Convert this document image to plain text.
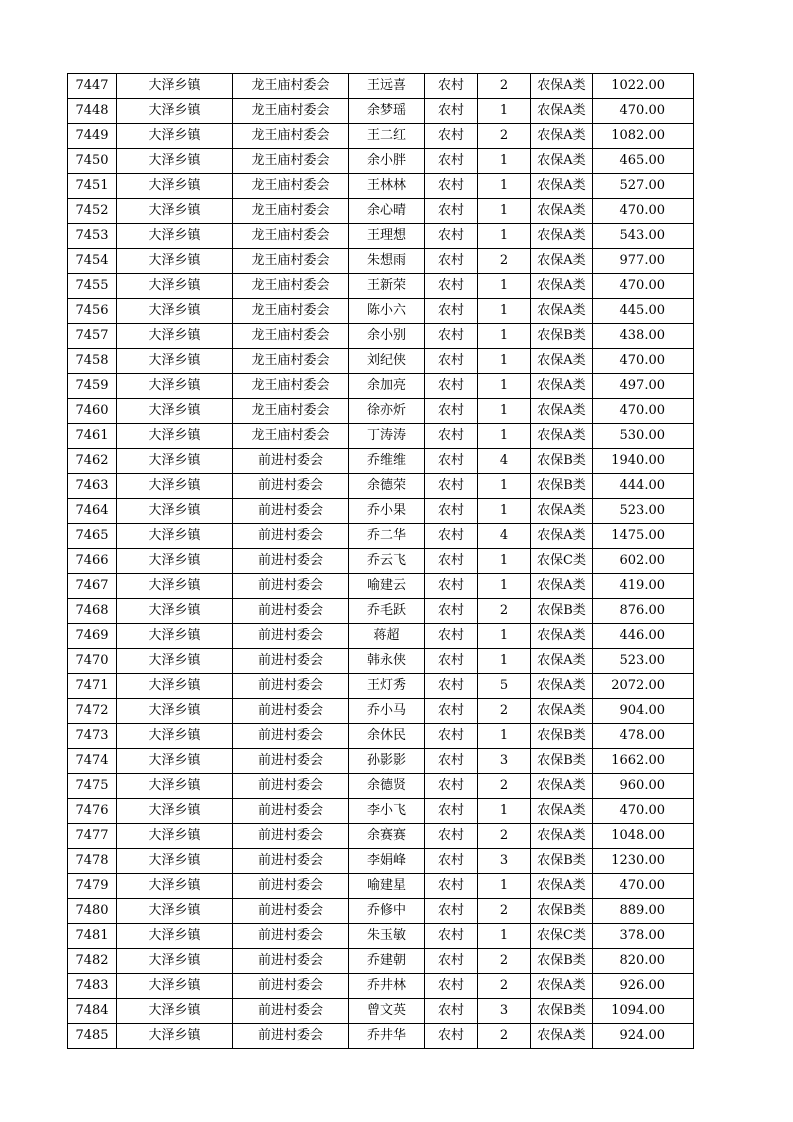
7447	大泽乡镇	龙王庙村委会	王远喜	农村	2	农保A类	1022.00
7448	大泽乡镇	龙王庙村委会	余梦瑶	农村	1	农保A类	470.00
7449	大泽乡镇	龙王庙村委会	王二红	农村	2	农保A类	1082.00
7450	大泽乡镇	龙王庙村委会	余小胖	农村	1	农保A类	465.00
7451	大泽乡镇	龙王庙村委会	王林林	农村	1	农保A类	527.00
7452	大泽乡镇	龙王庙村委会	余心晴	农村	1	农保A类	470.00
7453	大泽乡镇	龙王庙村委会	王理想	农村	1	农保A类	543.00
7454	大泽乡镇	龙王庙村委会	朱想雨	农村	2	农保A类	977.00
7455	大泽乡镇	龙王庙村委会	王新荣	农村	1	农保A类	470.00
7456	大泽乡镇	龙王庙村委会	陈小六	农村	1	农保A类	445.00
7457	大泽乡镇	龙王庙村委会	余小别	农村	1	农保B类	438.00
7458	大泽乡镇	龙王庙村委会	刘纪侠	农村	1	农保A类	470.00
7459	大泽乡镇	龙王庙村委会	余加亮	农村	1	农保A类	497.00
7460	大泽乡镇	龙王庙村委会	徐亦炘	农村	1	农保A类	470.00
7461	大泽乡镇	龙王庙村委会	丁涛涛	农村	1	农保A类	530.00
7462	大泽乡镇	前进村委会	乔维维	农村	4	农保B类	1940.00
7463	大泽乡镇	前进村委会	余德荣	农村	1	农保B类	444.00
7464	大泽乡镇	前进村委会	乔小果	农村	1	农保A类	523.00
7465	大泽乡镇	前进村委会	乔二华	农村	4	农保A类	1475.00
7466	大泽乡镇	前进村委会	乔云飞	农村	1	农保C类	602.00
7467	大泽乡镇	前进村委会	喻建云	农村	1	农保A类	419.00
7468	大泽乡镇	前进村委会	乔毛跃	农村	2	农保B类	876.00
7469	大泽乡镇	前进村委会	蒋超	农村	1	农保A类	446.00
7470	大泽乡镇	前进村委会	韩永侠	农村	1	农保A类	523.00
7471	大泽乡镇	前进村委会	王灯秀	农村	5	农保A类	2072.00
7472	大泽乡镇	前进村委会	乔小马	农村	2	农保A类	904.00
7473	大泽乡镇	前进村委会	余休民	农村	1	农保B类	478.00
7474	大泽乡镇	前进村委会	孙影影	农村	3	农保B类	1662.00
7475	大泽乡镇	前进村委会	余德贤	农村	2	农保A类	960.00
7476	大泽乡镇	前进村委会	李小飞	农村	1	农保A类	470.00
7477	大泽乡镇	前进村委会	余赛赛	农村	2	农保A类	1048.00
7478	大泽乡镇	前进村委会	李娟峰	农村	3	农保B类	1230.00
7479	大泽乡镇	前进村委会	喻建星	农村	1	农保A类	470.00
7480	大泽乡镇	前进村委会	乔修中	农村	2	农保B类	889.00
7481	大泽乡镇	前进村委会	朱玉敏	农村	1	农保C类	378.00
7482	大泽乡镇	前进村委会	乔建朝	农村	2	农保B类	820.00
7483	大泽乡镇	前进村委会	乔井林	农村	2	农保A类	926.00
7484	大泽乡镇	前进村委会	曾文英	农村	3	农保B类	1094.00
7485	大泽乡镇	前进村委会	乔井华	农村	2	农保A类	924.00
